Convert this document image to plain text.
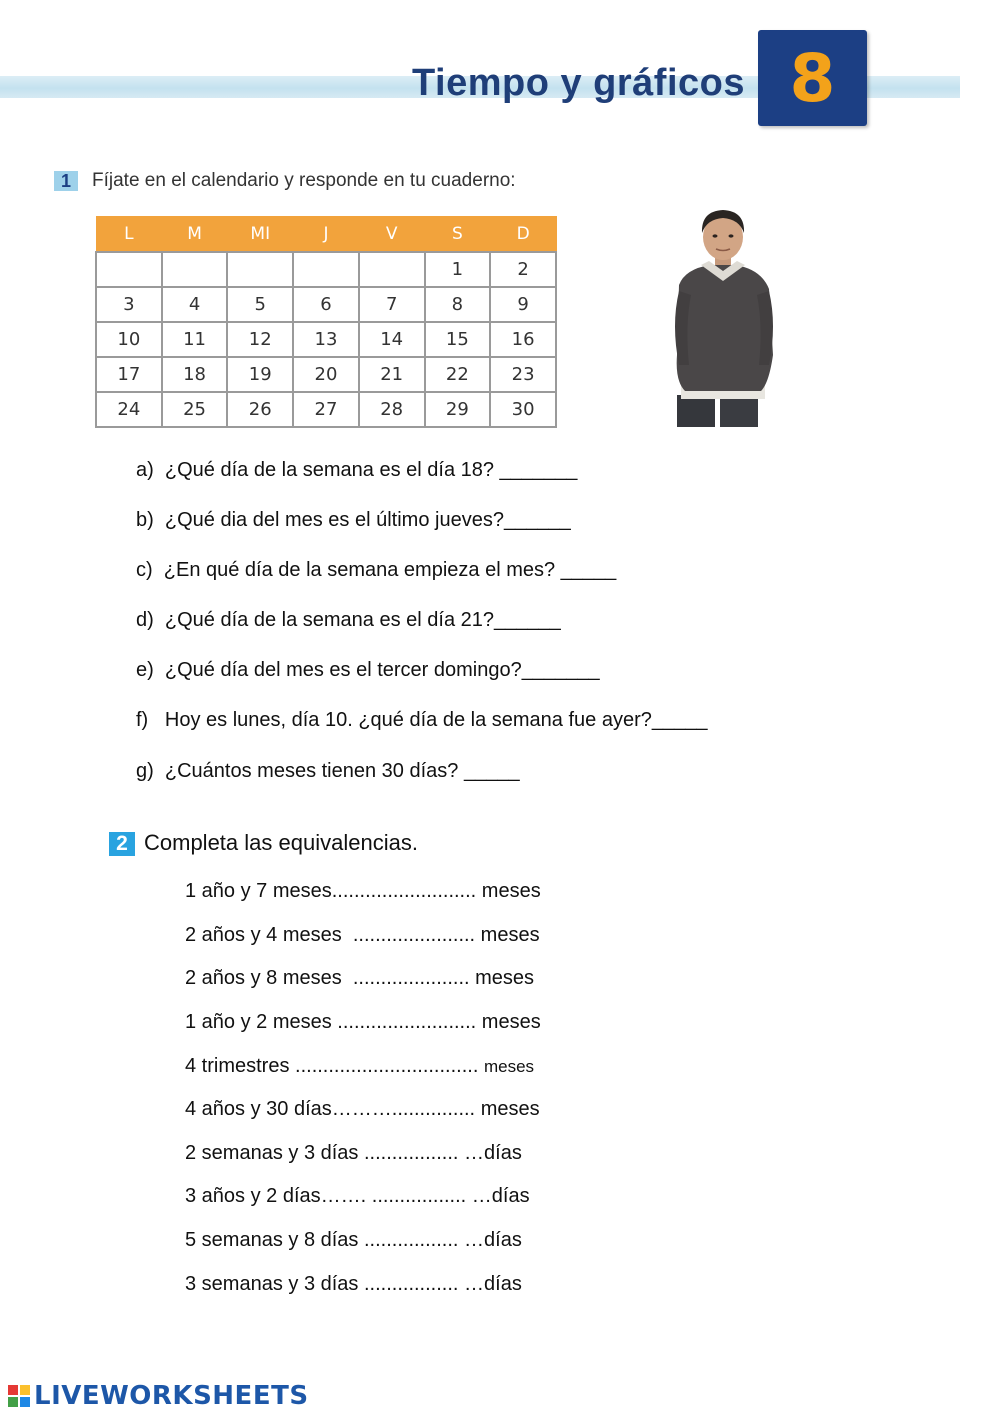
Tiempo y gráficos 8
1	Fíjate en el calendario y responde en tu cuaderno:
L	M	MI	J	V	S	D
					1	2
3	4	5	6	7	8	9
10	11	12	13	14	15	16
17	18	19	20	21	22	23
24	25	26	27	28	29	30
a)  ¿Qué día de la semana es el día 18? _______
b)  ¿Qué dia del mes es el último jueves?______
c)  ¿En qué día de la semana empieza el mes? _____
d)  ¿Qué día de la semana es el día 21?______
e)  ¿Qué día del mes es el tercer domingo?_______
f)   Hoy es lunes, día 10. ¿qué día de la semana fue ayer?_____
g)  ¿Cuántos meses tienen 30 días? _____
2 Completa las equivalencias.
1 año y 7 meses.......................... meses
2 años y 4 meses  ...................... meses
2 años y 8 meses  ..................... meses
1 año y 2 meses ......................... meses
4 trimestres ................................. meses
4 años y 30 días………............... meses
2 semanas y 3 días ................. …días
3 años y 2 días……. ................. …días
5 semanas y 8 días ................. …días
3 semanas y 3 días ................. …días
LIVEWORKSHEETS
